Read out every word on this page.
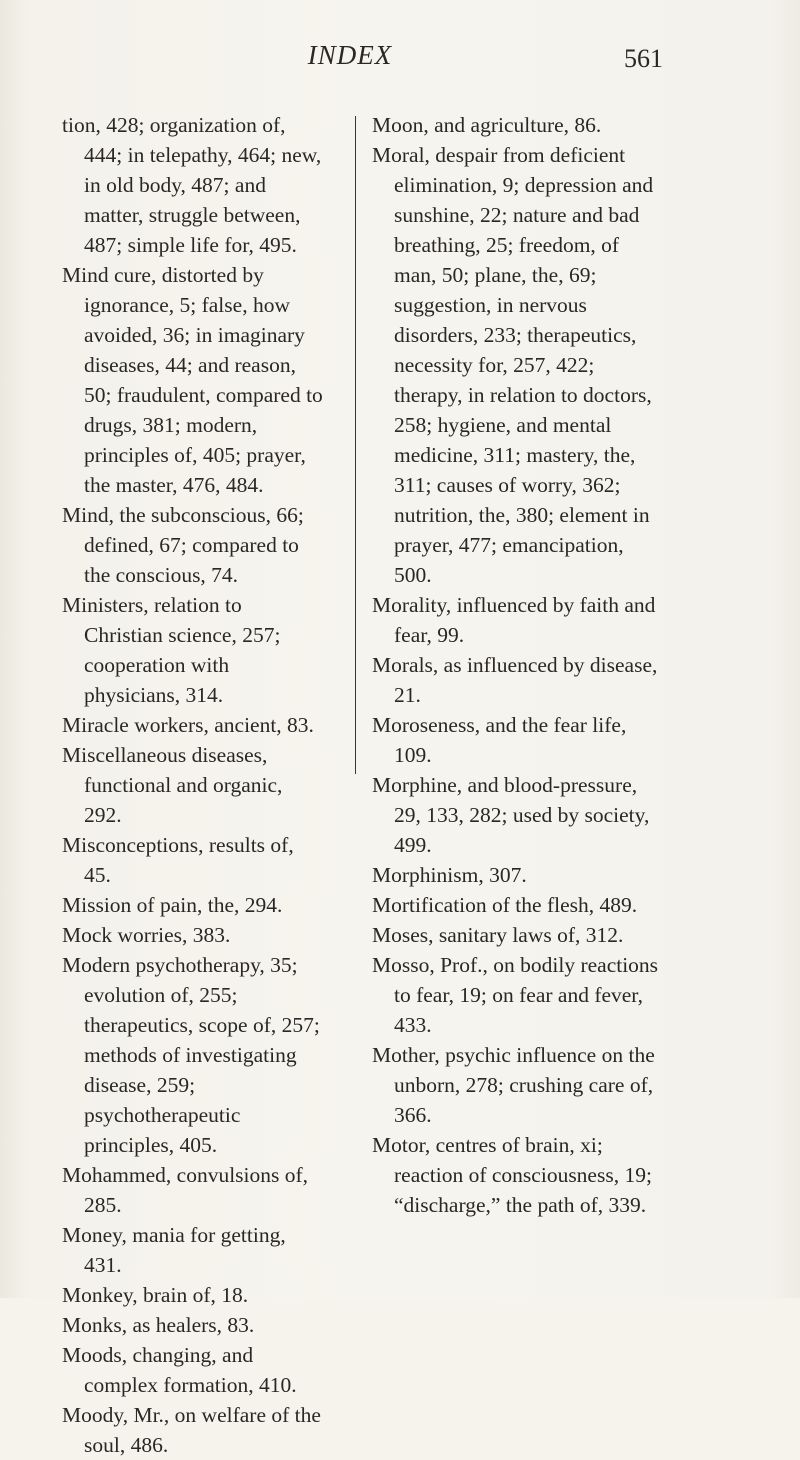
INDEX	561

tion, 428; organization of, 444; in telepathy, 464; new, in old body, 487; and matter, struggle between, 487; simple life for, 495.

Mind cure, distorted by ignorance, 5; false, how avoided, 36; in imaginary diseases, 44; and reason, 50; fraudulent, compared to drugs, 381; modern, principles of, 405; prayer, the master, 476, 484.

Mind, the subconscious, 66; defined, 67; compared to the conscious, 74.

Ministers, relation to Christian science, 257; cooperation with physicians, 314.

Miracle workers, ancient, 83.

Miscellaneous diseases, functional and organic, 292.

Misconceptions, results of, 45.

Mission of pain, the, 294.

Mock worries, 383.

Modern psychotherapy, 35; evolution of, 255; therapeutics, scope of, 257; methods of investigating disease, 259; psychotherapeutic principles, 405.

Mohammed, convulsions of, 285.

Money, mania for getting, 431.

Monkey, brain of, 18.

Monks, as healers, 83.

Moods, changing, and complex formation, 410.

Moody, Mr., on welfare of the soul, 486.

Moon, and agriculture, 86.

Moral, despair from deficient elimination, 9; depression and sunshine, 22; nature and bad breathing, 25; freedom, of man, 50; plane, the, 69; suggestion, in nervous disorders, 233; therapeutics, necessity for, 257, 422; therapy, in relation to doctors, 258; hygiene, and mental medicine, 311; mastery, the, 311; causes of worry, 362; nutrition, the, 380; element in prayer, 477; emancipation, 500.

Morality, influenced by faith and fear, 99.

Morals, as influenced by disease, 21.

Moroseness, and the fear life, 109.

Morphine, and blood-pressure, 29, 133, 282; used by society, 499.

Morphinism, 307.

Mortification of the flesh, 489.

Moses, sanitary laws of, 312.

Mosso, Prof., on bodily reactions to fear, 19; on fear and fever, 433.

Mother, psychic influence on the unborn, 278; crushing care of, 366.

Motor, centres of brain, xi; reaction of consciousness, 19; “discharge,” the path of, 339.
